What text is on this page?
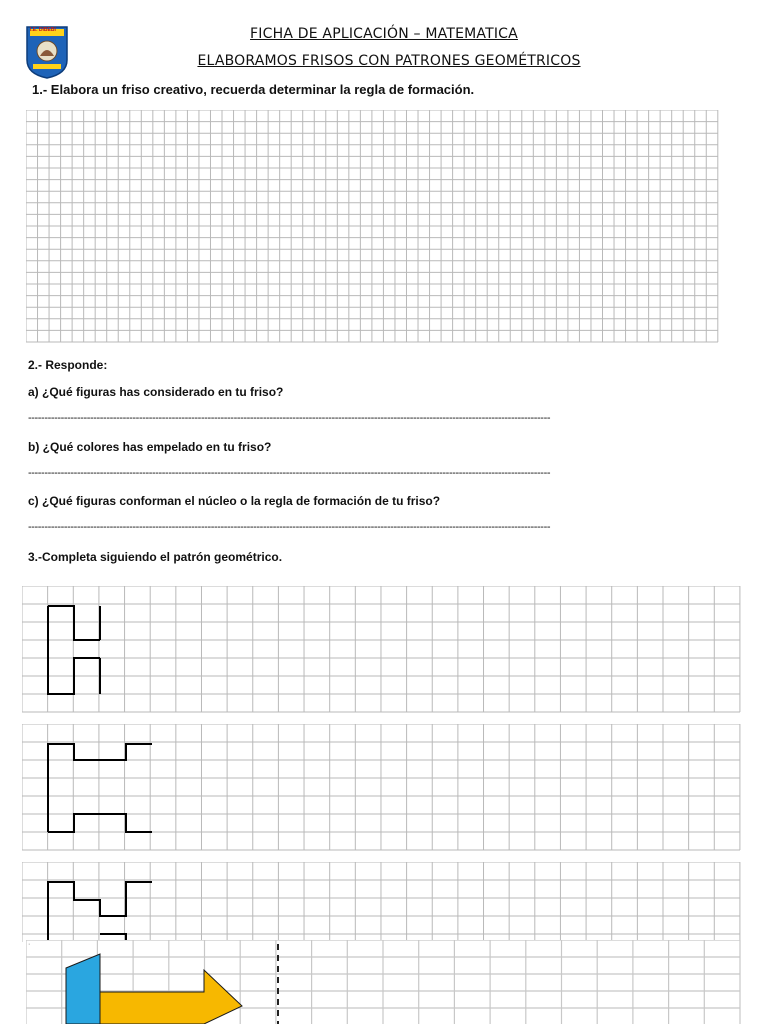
I.E. DIBEBI	FICHA DE APLICACIÓN – MATEMATICA
ELABORAMOS FRISOS CON PATRONES GEOMÉTRICOS
1.- Elabora un friso creativo, recuerda determinar la regla de formación.
2.- Responde:
a) ¿Qué figuras has considerado en tu friso?
----------------------------------------------------------------------------------------------------------------------------------------------------------------
b) ¿Qué colores has empelado en tu friso?
----------------------------------------------------------------------------------------------------------------------------------------------------------------
c) ¿Qué figuras conforman el núcleo o la regla de formación de tu friso?
----------------------------------------------------------------------------------------------------------------------------------------------------------------
3.-Completa siguiendo el patrón geométrico.
·
